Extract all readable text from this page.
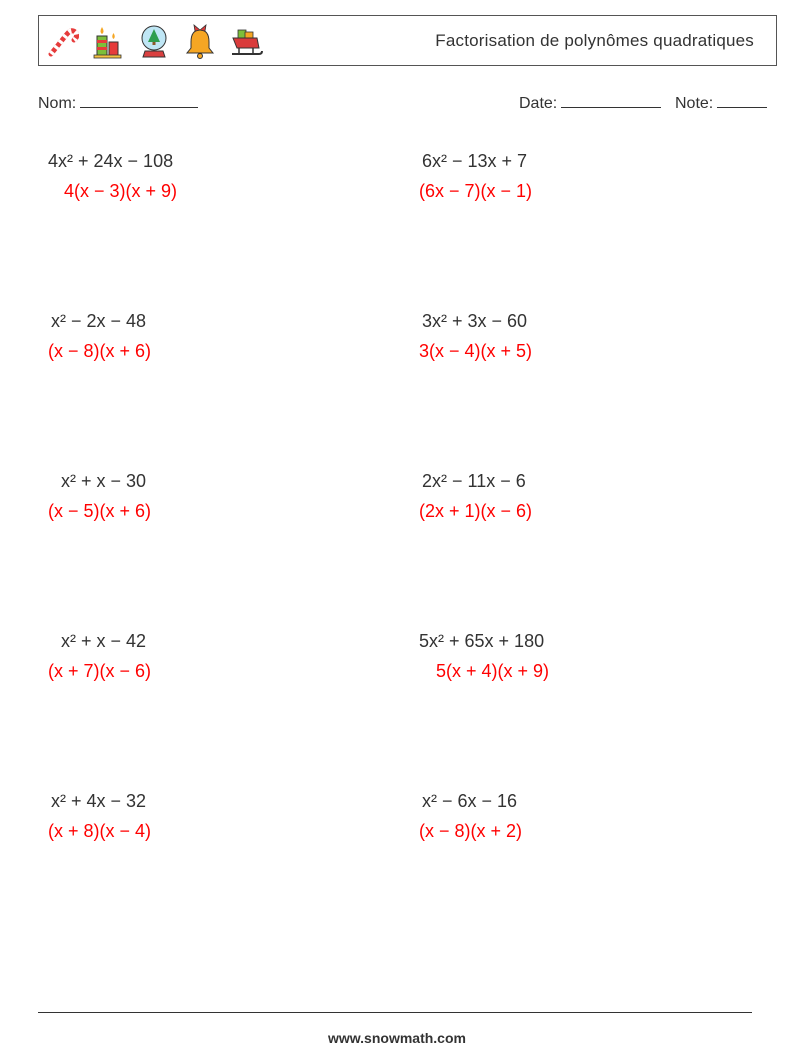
Factorisation de polynômes quadratiques
Nom:	Date:	Note:
4x² + 24x − 108
4(x − 3)(x + 9)
x² − 2x − 48
(x − 8)(x + 6)
x² + x − 30
(x − 5)(x + 6)
x² + x − 42
(x + 7)(x − 6)
x² + 4x − 32
(x + 8)(x − 4)
6x² − 13x + 7
(6x − 7)(x − 1)
3x² + 3x − 60
3(x − 4)(x + 5)
2x² − 11x − 6
(2x + 1)(x − 6)
5x² + 65x + 180
5(x + 4)(x + 9)
x² − 6x − 16
(x − 8)(x + 2)
www.snowmath.com
